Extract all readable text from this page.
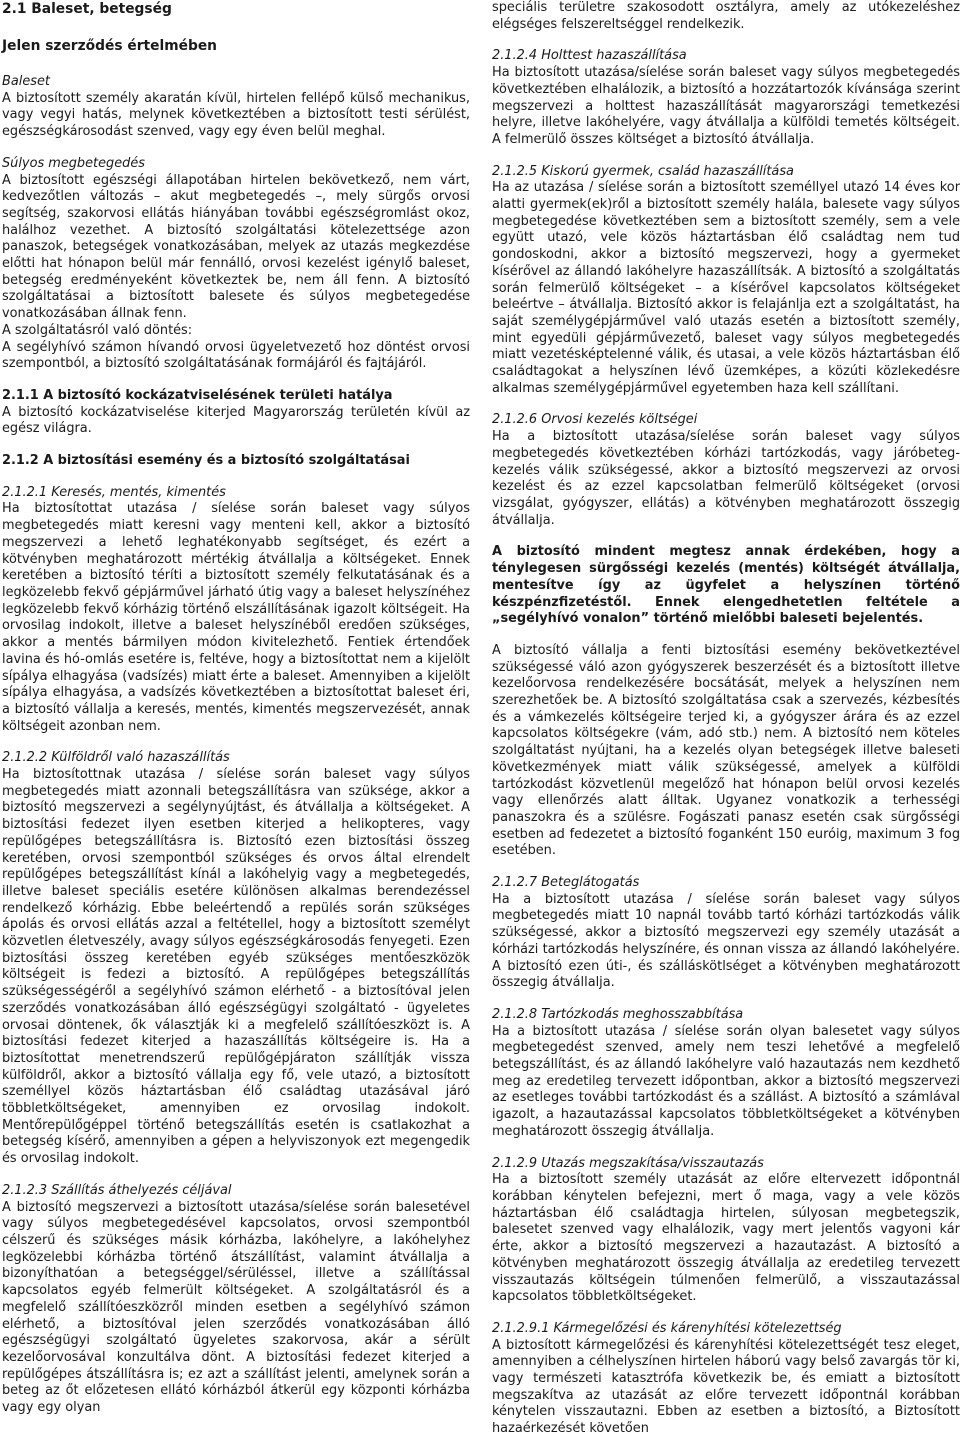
2.1 Baleset, betegség

Jelen szerződés értelmében

Baleset
A biztosított személy akaratán kívül, hirtelen fellépő külső mechanikus, vagy vegyi hatás, melynek következtében a biztosított testi sérülést, egészségkárosodást szenved, vagy egy éven belül meghal.

Súlyos megbetegedés
A biztosított egészségi állapotában hirtelen bekövetkező, nem várt, kedvezőtlen változás – akut megbetegedés –, mely sürgős orvosi segítség, szakorvosi ellátás hiányában további egészségromlást okoz, halálhoz vezethet. A biztosító szolgáltatási kötelezettsége azon panaszok, betegségek vonatkozásában, melyek az utazás megkezdése előtti hat hónapon belül már fennálló, orvosi kezelést igénylő baleset, betegség eredményeként következtek be, nem áll fenn. A biztosító szolgáltatásai a biztosított balesete és súlyos megbetegedése vonatkozásában állnak fenn.

A szolgáltatásról való döntés:

A segélyhívó számon hívandó orvosi ügyeletvezető hoz döntést orvosi szempontból, a biztosító szolgáltatásának formájáról és fajtájáról.

2.1.1 A biztosító kockázatviselésének területi hatálya

A biztosító kockázatviselése kiterjed Magyarország területén kívül az egész világra.

2.1.2 A biztosítási esemény és a biztosító szolgáltatásai

2.1.2.1 Keresés, mentés, kimentés
Ha biztosítottat utazása / síelése során baleset vagy súlyos megbetegedés miatt keresni vagy menteni kell, akkor a biztosító megszervezi a lehető leghatékonyabb segítséget, és ezért a kötvényben meghatározott mértékig átvállalja a költségeket. Ennek keretében a biztosító téríti a biztosított személy felkutatásának és a legközelebb fekvő gépjárművel járható útig vagy a baleset helyszínéhez legközelebb fekvő kórházig történő elszállításának igazolt költségeit. Ha orvosilag indokolt, illetve a baleset helyszínéből eredően szükséges, akkor a mentés bármilyen módon kivitelezhető. Fentiek értendőek lavina és hó-omlás esetére is, feltéve, hogy a biztosítottat nem a kijelölt sípálya elhagyása (vadsízés) miatt érte a baleset. Amennyiben a kijelölt sípálya elhagyása, a vadsízés következtében a biztosítottat baleset éri, a biztosító vállalja a keresés, mentés, kimentés megszervezését, annak költségeit azonban nem.

2.1.2.2 Külföldről való hazaszállítás
Ha biztosítottnak utazása / síelése során baleset vagy súlyos megbetegedés miatt azonnali betegszállításra van szüksége, akkor a biztosító megszervezi a segélynyújtást, és átvállalja a költségeket. A biztosítási fedezet ilyen esetben kiterjed a helikopteres, vagy repülőgépes betegszállításra is. Biztosító ezen biztosítási összeg keretében, orvosi szempontból szükséges és orvos által elrendelt repülőgépes betegszállítást kínál a lakóhelyig vagy a megbetegedés, illetve baleset speciális esetére különösen alkalmas berendezéssel rendelkező kórházig. Ebbe beleértendő a repülés során szükséges ápolás és orvosi ellátás azzal a feltétellel, hogy a biztosított személyt közvetlen életveszély, avagy súlyos egészségkárosodás fenyegeti. Ezen biztosítási összeg keretében egyéb szükséges mentőeszközök költségeit is fedezi a biztosító. A repülőgépes betegszállítás szükségességéről a segélyhívó számon elérhető - a biztosítóval jelen szerződés vonatkozásában álló egészségügyi szolgáltató - ügyeletes orvosai döntenek, ők választják ki a megfelelő szállítóeszközt is. A biztosítási fedezet kiterjed a hazaszállítás költségeire is. Ha a biztosítottat menetrendszerű repülőgépjáraton szállítják vissza külföldről, akkor a biztosító vállalja egy fő, vele utazó, a biztosított személlyel közös háztartásban élő családtag utazásával járó többletköltségeket, amennyiben ez orvosilag indokolt. Mentőrepülőgéppel történő betegszállítás esetén is csatlakozhat a betegség kísérő, amennyiben a gépen a helyviszonyok ezt megengedik és orvosilag indokolt.

2.1.2.3 Szállítás áthelyezés céljával
A biztosító megszervezi a biztosított utazása/síelése során balesetével vagy súlyos megbetegedésével kapcsolatos, orvosi szempontból célszerű és szükséges másik kórházba, lakóhelyre, a lakóhelyhez legközelebbi kórházba történő átszállítást, valamint átvállalja a bizonyíthatóan a betegséggel/sérüléssel, illetve a szállítással kapcsolatos egyéb felmerült költségeket. A szolgáltatásról és a megfelelő szállítóeszközről minden esetben a segélyhívó számon elérhető, a biztosítóval jelen szerződés vonatkozásában álló egészségügyi szolgáltató ügyeletes szakorvosa, akár a sérült kezelőorvosával konzultálva dönt. A biztosítási fedezet kiterjed a repülőgépes átszállításra is; ez azt a szállítást jelenti, amelynek során a beteg az őt előzetesen ellátó kórházból átkerül egy központi kórházba vagy egy olyan

speciális területre szakosodott osztályra, amely az utókezeléshez elégséges felszereltséggel rendelkezik.

2.1.2.4 Holttest hazaszállítása
Ha biztosított utazása/síelése során baleset vagy súlyos megbetegedés következtében elhalálozik, a biztosító a hozzátartozók kívánsága szerint megszervezi a holttest hazaszállítását magyarországi temetkezési helyre, illetve lakóhelyére, vagy átvállalja a külföldi temetés költségeit. A felmerülő összes költséget a biztosító átvállalja.

2.1.2.5 Kiskorú gyermek, család hazaszállítása
Ha az utazása / síelése során a biztosított személlyel utazó 14 éves kor alatti gyermek(ek)ről a biztosított személy halála, balesete vagy súlyos megbetegedése következtében sem a biztosított személy, sem a vele együtt utazó, vele közös háztartásban élő családtag nem tud gondoskodni, akkor a biztosító megszervezi, hogy a gyermeket kísérővel az állandó lakóhelyre hazaszállítsák. A biztosító a szolgáltatás során felmerülő költségeket – a kísérővel kapcsolatos költségeket beleértve – átvállalja. Biztosító akkor is felajánlja ezt a szolgáltatást, ha saját személygépjárművel való utazás esetén a biztosított személy, mint egyedüli gépjárművezető, baleset vagy súlyos megbetegedés miatt vezetésképtelenné válik, és utasai, a vele közös háztartásban élő családtagokat a helyszínen lévő üzemképes, a közúti közlekedésre alkalmas személygépjárművel egyetemben haza kell szállítani.

2.1.2.6 Orvosi kezelés költségei
Ha a biztosított utazása/síelése során baleset vagy súlyos megbetegedés következtében kórházi tartózkodás, vagy járóbeteg-kezelés válik szükségessé, akkor a biztosító megszervezi az orvosi kezelést és az ezzel kapcsolatban felmerülő költségeket (orvosi vizsgálat, gyógyszer, ellátás) a kötvényben meghatározott összegig átvállalja.

A biztosító mindent megtesz annak érdekében, hogy a ténylegesen sürgősségi kezelés (mentés) költségét átvállalja, mentesítve így az ügyfelet a helyszínen történő készpénzfizetéstől. Ennek elengedhetetlen feltétele a „segélyhívó vonalon” történő mielőbbi baleseti bejelentés.

A biztosító vállalja a fenti biztosítási esemény bekövetkeztével szükségessé váló azon gyógyszerek beszerzését és a biztosított illetve kezelőorvosa rendelkezésére bocsátását, melyek a helyszínen nem szerezhetőek be. A biztosító szolgáltatása csak a szervezés, kézbesítés és a vámkezelés költségeire terjed ki, a gyógyszer árára és az ezzel kapcsolatos költségekre (vám, adó stb.) nem. A biztosító nem köteles szolgáltatást nyújtani, ha a kezelés olyan betegségek illetve baleseti következmények miatt válik szükségessé, amelyek a külföldi tartózkodást közvetlenül megelőző hat hónapon belül orvosi kezelés vagy ellenőrzés alatt álltak. Ugyanez vonatkozik a terhességi panaszokra és a szülésre. Fogászati panasz esetén csak sürgősségi esetben ad fedezetet a biztosító foganként 150 euróig, maximum 3 fog esetében.

2.1.2.7 Beteglátogatás
Ha a biztosított utazása / síelése során baleset vagy súlyos megbetegedés miatt 10 napnál tovább tartó kórházi tartózkodás válik szükségessé, akkor a biztosító megszervezi egy személy utazását a kórházi tartózkodás helyszínére, és onnan vissza az állandó lakóhelyére. A biztosító ezen úti-, és szálláskötlséget a kötvényben meghatározott összegig átvállalja.

2.1.2.8 Tartózkodás meghosszabbítása
Ha a biztosított utazása / síelése során olyan balesetet vagy súlyos megbetegedést szenved, amely nem teszi lehetővé a megfelelő betegszállítást, és az állandó lakóhelyre való hazautazás nem kezdhető meg az eredetileg tervezett időpontban, akkor a biztosító megszervezi az esetleges további tartózkodást és a szállást. A biztosító a számlával igazolt, a hazautazással kapcsolatos többletköltségeket a kötvényben meghatározott összegig átvállalja.

2.1.2.9 Utazás megszakítása/visszautazás
Ha a biztosított személy utazását az előre eltervezett időpontnál korábban kénytelen befejezni, mert ő maga, vagy a vele közös háztartásban élő családtagja hirtelen, súlyosan megbetegszik, balesetet szenved vagy elhalálozik, vagy mert jelentős vagyoni kár érte, akkor a biztosító megszervezi a hazautazást. A biztosító a kötvényben meghatározott összegig átvállalja az eredetileg tervezett visszautazás költségein túlmenően felmerülő, a visszautazással kapcsolatos többletköltségeket.

2.1.2.9.1 Kármegelőzési és kárenyhítési kötelezettség
A biztosított kármegelőzési és kárenyhítési kötelezettségét tesz eleget, amennyiben a célhelyszínen hirtelen háború vagy belső zavargás tör ki, vagy természeti katasztrófa következik be, és emiatt a biztosított megszakítva az utazását az előre tervezett időpontnál korábban kénytelen visszautazni. Ebben az esetben a biztosító, a Biztosított hazaérkezését követően
